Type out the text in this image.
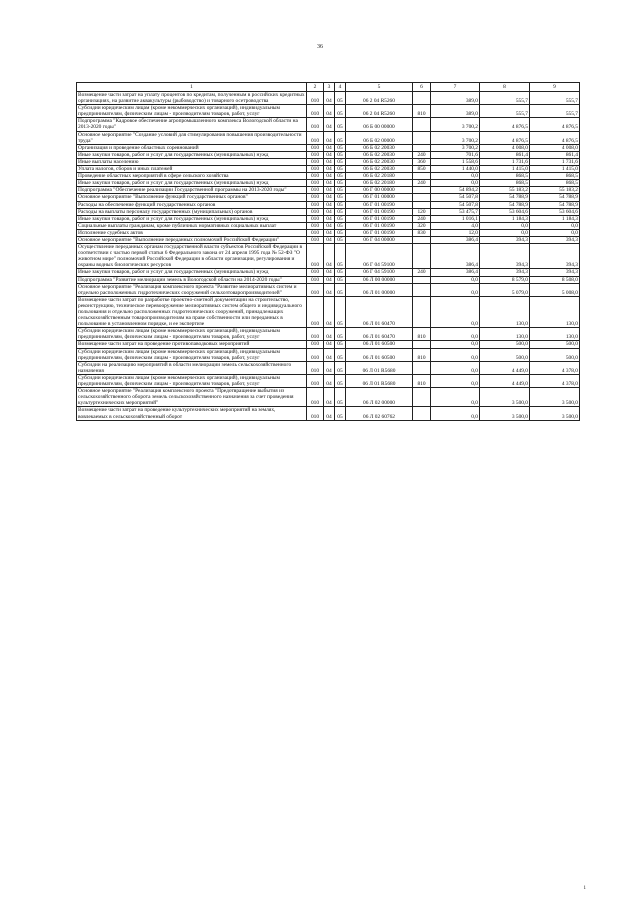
36
1	2	3	4	5	6	7	8	9
Возмещение части затрат на уплату процентов по кредитам, полученным в российских кредитных организациях, на развитие аквакультуры (рыбоводство) и товарного осетроводства	010	04	05	06 2 04 R5260		389,0	555,7	555,7
Субсидии юридическим лицам (кроме некоммерческих организаций), индивидуальным предпринимателям, физическим лицам - производителям товаров, работ, услуг	010	04	05	06 2 04 R5260	810	389,0	555,7	555,7
Подпрограмма "Кадровое обеспечение агропромышленного комплекса Вологодской области на 2013-2020 годы"	010	04	05	06 Б 00 00000		3 700,2	4 876,5	4 876,5
Основное мероприятие "Создание условий для стимулирования повышения производительности труда"	010	04	05	06 Б 02 00000		3 700,2	4 876,5	4 876,5
Организация и проведение областных соревнований	010	04	05	06 Б 02 20030		3 700,2	4 008,0	4 008,0
Иные закупки товаров, работ и услуг для государственных (муниципальных) нужд	010	04	05	06 Б 02 20030	240	701,6	861,4	861,4
Иные выплаты населению	010	04	05	06 Б 02 20030	360	1 558,6	1 731,6	1 731,6
Уплата налогов, сборов и иных платежей	010	04	05	06 Б 02 20030	850	1 440,0	1 415,0	1 415,0
Проведение областных мероприятий в сфере сельского хозяйства	010	04	05	06 Б 02 20180		0,0	868,5	868,5
Иные закупки товаров, работ и услуг для государственных (муниципальных) нужд	010	04	05	06 Б 02 20180	240	0,0	868,5	868,5
Подпрограмма "Обеспечение реализации Государственной программы на 2013-2020 годы"	010	04	05	06 Г 00 00000		54 894,2	55 183,2	55 183,2
Основное мероприятие "Выполнение функций государственных органов"	010	04	05	06 Г 01 00000		54 507,8	54 788,9	54 788,9
Расходы на обеспечение функций государственных органов	010	04	05	06 Г 01 00190		54 507,8	54 788,9	54 788,9
Расходы на выплаты персоналу государственных (муниципальных) органов	010	04	05	06 Г 01 00190	120	53 475,7	53 604,6	53 604,6
Иные закупки товаров, работ и услуг для государственных (муниципальных) нужд	010	04	05	06 Г 01 00190	240	1 016,1	1 184,3	1 184,3
Социальные выплаты гражданам, кроме публичных нормативных социальных выплат	010	04	05	06 Г 01 00190	320	4,0	0,0	0,0
Исполнение судебных актов	010	04	05	06 Г 01 00190	830	12,0	0,0	0,0
Основное мероприятие "Выполнение переданных полномочий Российской Федерации"	010	04	05	06 Г 04 00000		386,4	394,3	394,3
Осуществление переданных органам государственной власти субъектов Российской Федерации в соответствии с частью первой статьи 6 Федерального закона от 24 апреля 1995 года № 52-ФЗ "О животном мире" полномочий Российской Федерации в области организации, регулирования и охраны водных биологических ресурсов	010	04	05	06 Г 04 59100		386,4	394,3	394,3
Иные закупки товаров, работ и услуг для государственных (муниципальных) нужд	010	04	05	06 Г 04 59100	240	386,4	394,3	394,3
Подпрограмма "Развитие мелиорации земель в Вологодской области на 2014-2020 годы"	010	04	05	06 Л 00 00000		0,0	8 579,0	8 508,0
Основное мероприятие "Реализация комплексного проекта "Развитие мелиоративных систем и отдельно расположенных гидротехнических сооружений сельхозтоваропроизводителей"	010	04	05	06 Л 01 00000		0,0	5 079,0	5 008,0
Возмещение части затрат по разработке проектно-сметной документации на строительство, реконструкцию, техническое перевооружение мелиоративных систем общего и индивидуального пользования и отдельно расположенных гидротехнических сооружений, принадлежащих сельскохозяйственным товаропроизводителям на праве собственности или переданных в пользование в установленном порядке, и ее экспертизе	010	04	05	06 Л 01 60470		0,0	130,0	130,0
Субсидии юридическим лицам (кроме некоммерческих организаций), индивидуальным предпринимателям, физическим лицам - производителям товаров, работ, услуг	010	04	05	06 Л 01 60470	810	0,0	130,0	130,0
Возмещение части затрат на проведение противопаводковых мероприятий	010	04	05	06 Л 01 60500		0,0	500,0	500,0
Субсидии юридическим лицам (кроме некоммерческих организаций), индивидуальным предпринимателям, физическим лицам - производителям товаров, работ, услуг	010	04	05	06 Л 01 60500	810	0,0	500,0	500,0
Субсидии на реализацию мероприятий в области мелиорации земель сельскохозяйственного назначения	010	04	05	06 Л 01 R5680		0,0	4 449,0	4 378,0
Субсидии юридическим лицам (кроме некоммерческих организаций), индивидуальным предпринимателям, физическим лицам - производителям товаров, работ, услуг	010	04	05	06 Л 01 R5680	810	0,0	4 449,0	4 378,0
Основное мероприятие "Реализация комплексного проекта "Предотвращение выбытия из сельскохозяйственного оборота земель сельскохозяйственного назначения за счет проведения культуртехнических мероприятий"	010	04	05	06 Л 02 00000		0,0	3 500,0	3 500,0
Возмещение части затрат на проведение культуртехнических мероприятий на землях, вовлекаемых в сельскохозяйственный оборот	010	04	05	06 Л 02 60762		0,0	3 500,0	3 500,0
1
